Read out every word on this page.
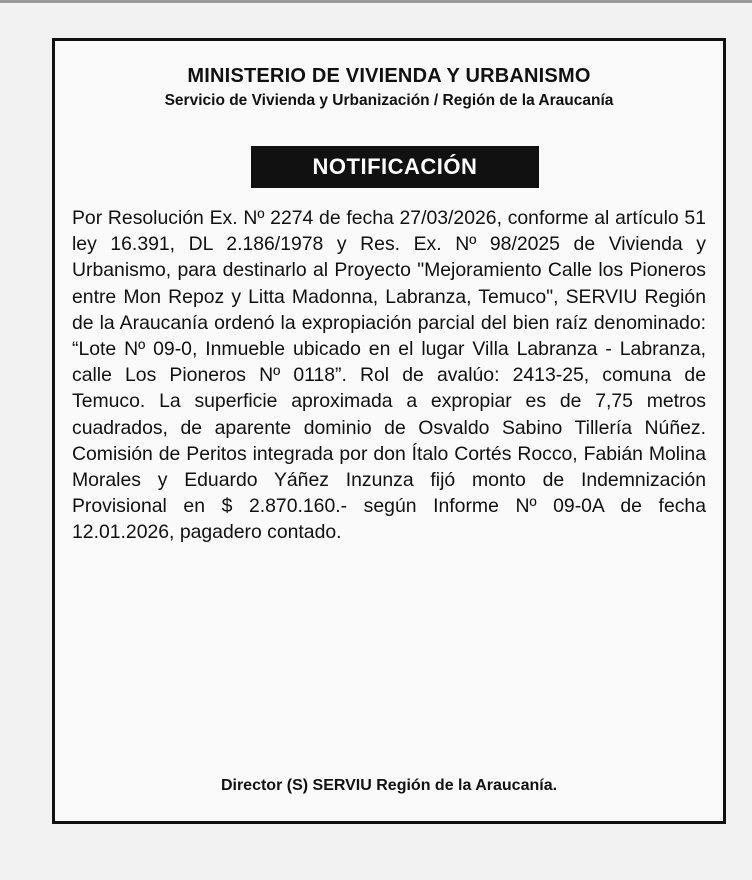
MINISTERIO DE VIVIENDA Y URBANISMO
Servicio de Vivienda y Urbanización / Región de la Araucanía
NOTIFICACIÓN

Por Resolución Ex. Nº 2274 de fecha 27/03/2026, conforme al artículo 51 ley 16.391, DL 2.186/1978 y Res. Ex. Nº 98/2025 de Vivienda y Urbanismo, para destinarlo al Proyecto "Mejoramiento Calle los Pioneros entre Mon Repoz y Litta Madonna, Labranza, Temuco", SERVIU Región de la Araucanía ordenó la expropiación parcial del bien raíz denominado: “Lote Nº 09-0, Inmueble ubicado en el lugar Villa Labranza - Labranza, calle Los Pioneros Nº 0118”. Rol de avalúo: 2413-25, comuna de Temuco. La superficie aproximada a expropiar es de 7,75 metros cuadrados, de aparente dominio de Osvaldo Sabino Tillería Núñez. Comisión de Peritos integrada por don Ítalo Cortés Rocco, Fabián Molina Morales y Eduardo Yáñez Inzunza fijó monto de Indemnización Provisional en $ 2.870.160.- según Informe Nº 09-0A de fecha 12.01.2026, pagadero contado.

Director (S) SERVIU Región de la Araucanía.
